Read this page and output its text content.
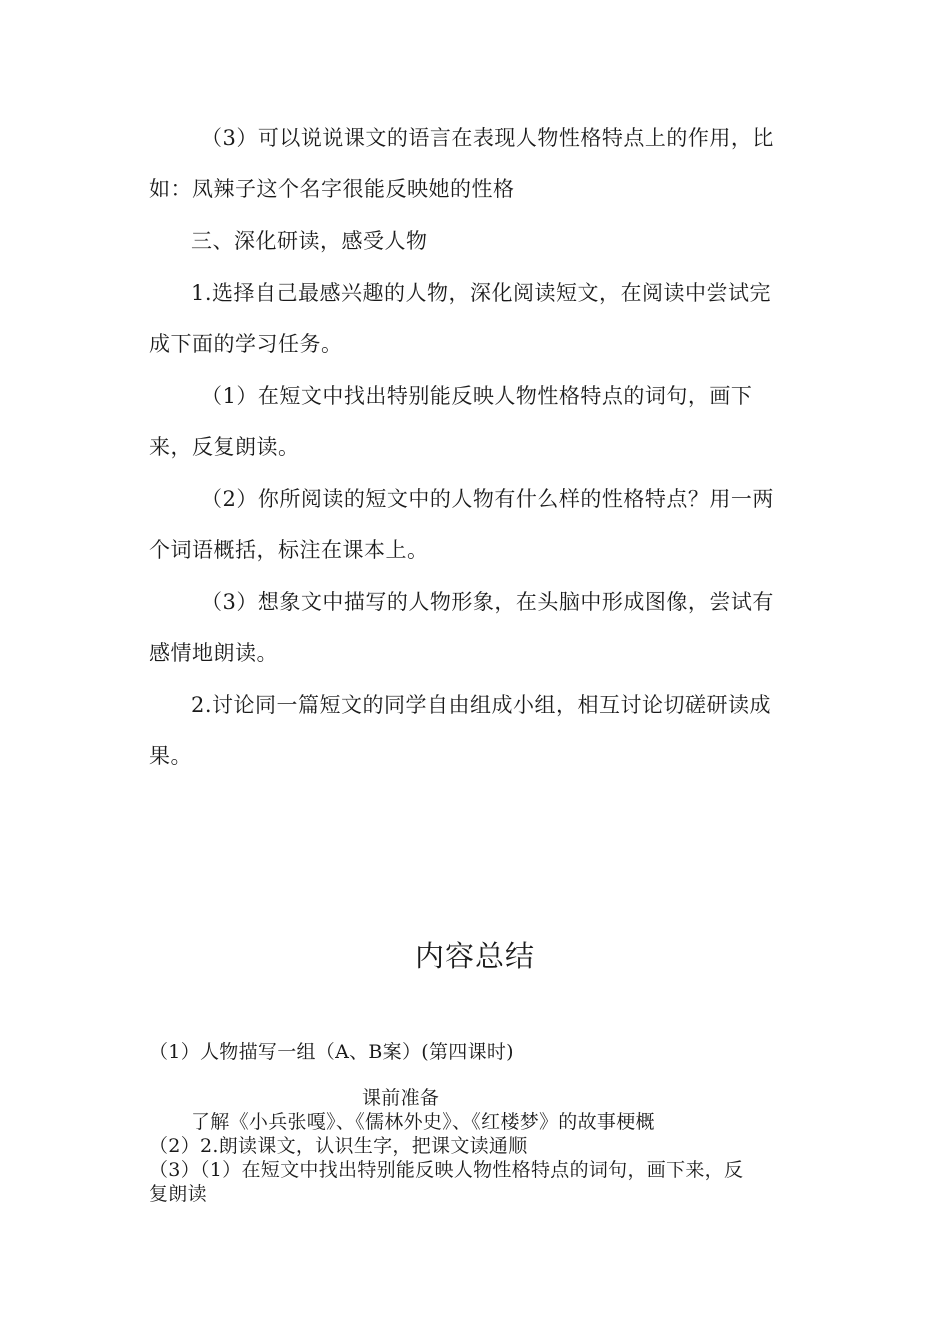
（3）可以说说课文的语言在表现人物性格特点上的作用，比
如：凤辣子这个名字很能反映她的性格
三、深化研读，感受人物
1.选择自己最感兴趣的人物，深化阅读短文，在阅读中尝试完
成下面的学习任务。
（1）在短文中找出特别能反映人物性格特点的词句，画下
来，反复朗读。
（2）你所阅读的短文中的人物有什么样的性格特点？用一两
个词语概括，标注在课本上。
（3）想象文中描写的人物形象，在头脑中形成图像，尝试有
感情地朗读。
2.讨论同一篇短文的同学自由组成小组，相互讨论切磋研读成
果。
内容总结
（1）人物描写一组（A、B案）(第四课时)
课前准备
了解《小兵张嘎》、《儒林外史》、《红楼梦》的故事梗概
（2）2.朗读课文，认识生字，把课文读通顺
（3）（1）在短文中找出特别能反映人物性格特点的词句，画下来，反
复朗读
